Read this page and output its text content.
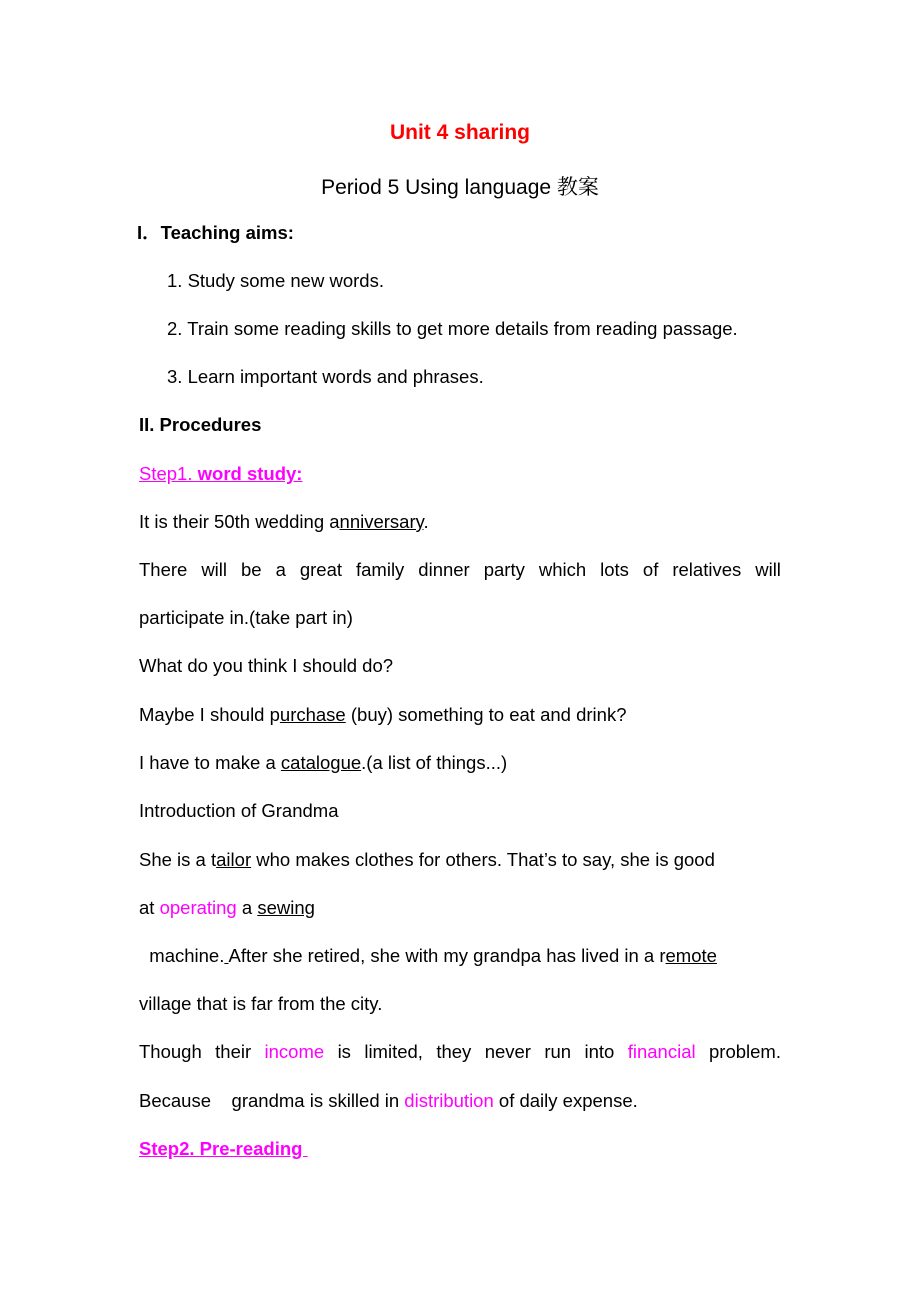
Unit 4 sharing
Period 5 Using language 教案
I．Teaching aims:
1. Study some new words.
2. Train some reading skills to get more details from reading passage.
3. Learn important words and phrases.
II. Procedures
Step1. word study:
It is their 50th wedding anniversary.
There will be a great family dinner party which lots of relatives will
participate in.(take part in)
What do you think I should do?
Maybe I should purchase (buy) something to eat and drink?
I have to make a catalogue.(a list of things...)
Introduction of Grandma
She is a tailor who makes clothes for others. That’s to say, she is good
at operating a sewing
machine. After she retired, she with my grandpa has lived in a remote
village that is far from the city.
Though their income is limited, they never run into financial problem.
Because    grandma is skilled in distribution of daily expense.
Step2. Pre-reading
